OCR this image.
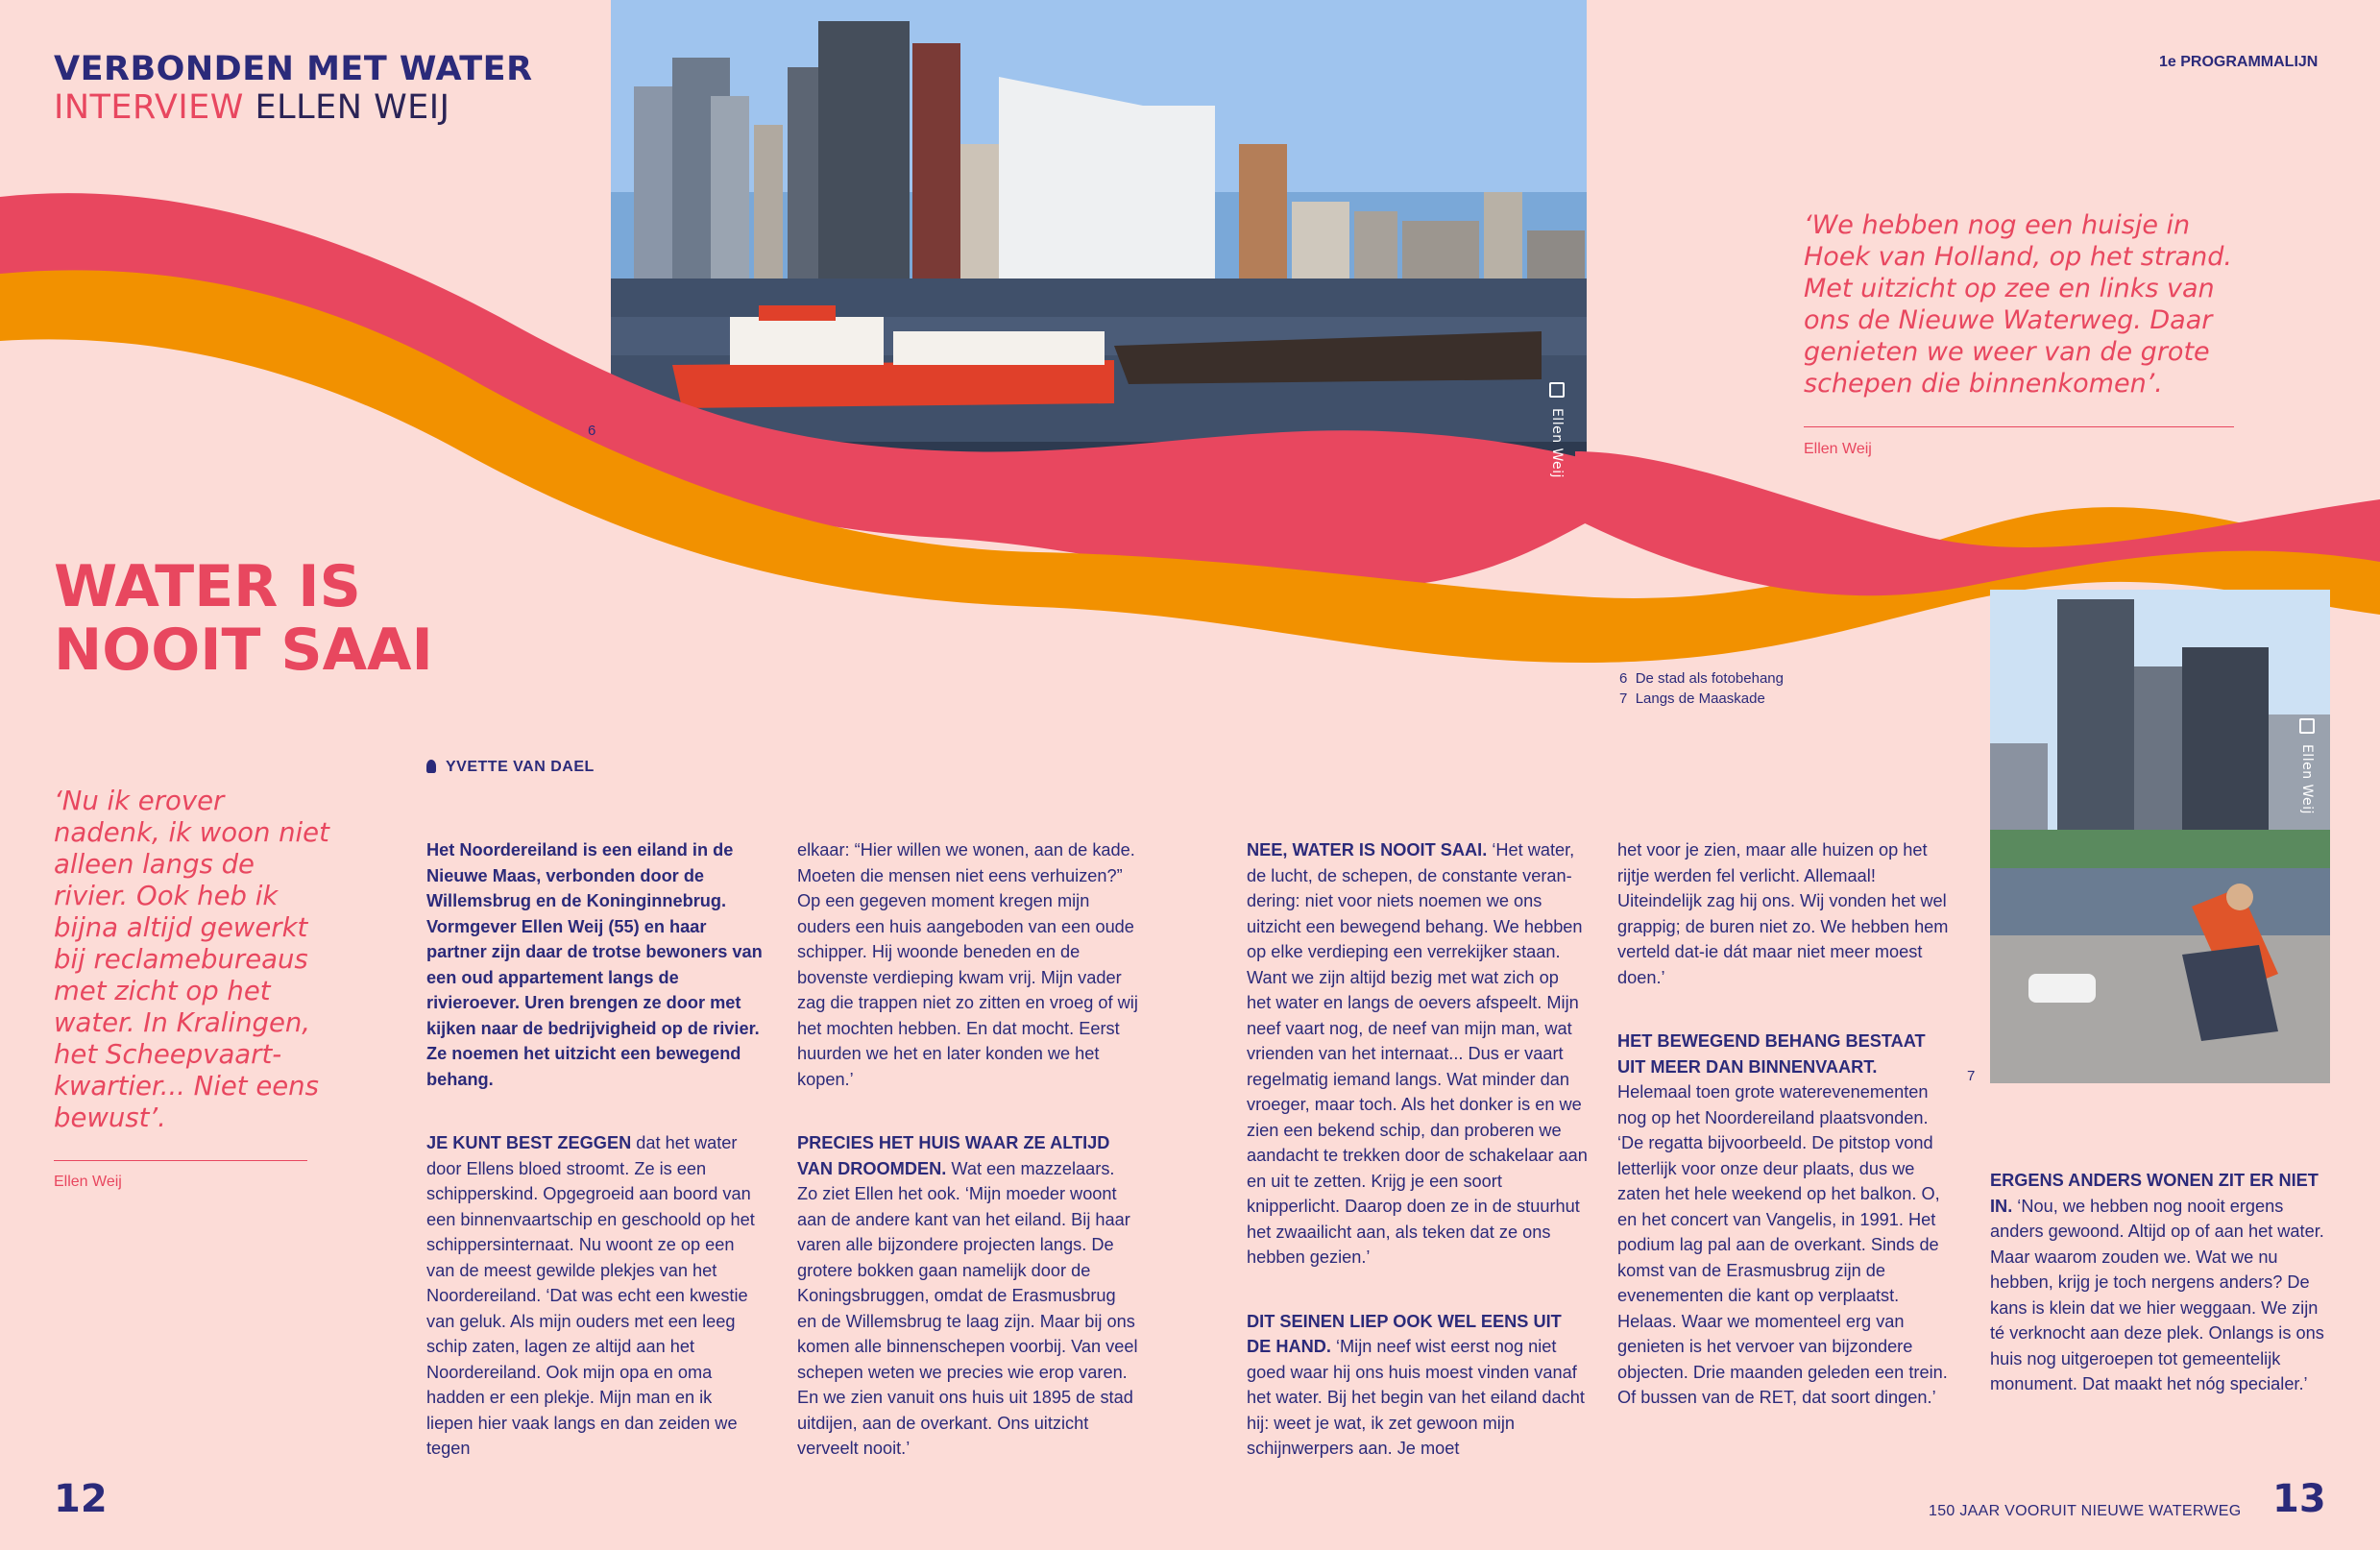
Ellen Weij
6
Ellen Weij
7
VERBONDEN MET WATER
INTERVIEW ELLEN WEIJ
1e PROGRAMMALIJN
WATER IS
NOOIT SAAI
‘We hebben nog een huisje in Hoek van Holland, op het strand. Met uitzicht op zee en links van ons de Nieuwe Waterweg. Daar genieten we weer van de grote schepen die binnenkomen’.
Ellen Weij
‘Nu ik erover nadenk, ik woon niet alleen langs de rivier. Ook heb ik bijna altijd gewerkt bij reclamebureaus met zicht op het water. In Kralingen, het Scheepvaart-kwartier... Niet eens bewust’.
Ellen Weij
6 De stad als fotobehang
7 Langs de Maaskade
YVETTE VAN DAEL

Het Noordereiland is een eiland in de Nieuwe Maas, verbonden door de Willemsbrug en de Koninginnebrug. Vormgever Ellen Weij (55) en haar partner zijn daar de trotse bewoners van een oud appartement langs de rivieroever. Uren brengen ze door met kijken naar de bedrijvigheid op de rivier. Ze noemen het uitzicht een bewegend behang.

JE KUNT BEST ZEGGEN dat het water door Ellens bloed stroomt. Ze is een schipperskind. Opgegroeid aan boord van een binnenvaartschip en geschoold op het schippersinternaat. Nu woont ze op een van de meest gewilde plekjes van het Noordereiland. ‘Dat was echt een kwestie van geluk. Als mijn ouders met een leeg schip zaten, lagen ze altijd aan het Noordereiland. Ook mijn opa en oma hadden er een plekje. Mijn man en ik liepen hier vaak langs en dan zeiden we tegen

elkaar: “Hier willen we wonen, aan de kade. Moeten die mensen niet eens verhuizen?” Op een gegeven moment kregen mijn ouders een huis aangeboden van een oude schipper. Hij woonde beneden en de bovenste verdieping kwam vrij. Mijn vader zag die trappen niet zo zitten en vroeg of wij het mochten hebben. En dat mocht. Eerst huurden we het en later konden we het kopen.’

PRECIES HET HUIS WAAR ZE ALTIJD VAN DROOMDEN. Wat een mazzelaars. Zo ziet Ellen het ook. ‘Mijn moeder woont aan de andere kant van het eiland. Bij haar varen alle bijzondere projecten langs. De grotere bokken gaan namelijk door de Koningsbruggen, omdat de Erasmusbrug en de Willemsbrug te laag zijn. Maar bij ons komen alle binnenschepen voorbij. Van veel schepen weten we precies wie erop varen. En we zien vanuit ons huis uit 1895 de stad uitdijen, aan de overkant. Ons uitzicht verveelt nooit.’

NEE, WATER IS NOOIT SAAI. ‘Het water, de lucht, de schepen, de constante veran-dering: niet voor niets noemen we ons uitzicht een bewegend behang. We hebben op elke verdieping een verrekijker staan. Want we zijn altijd bezig met wat zich op het water en langs de oevers afspeelt. Mijn neef vaart nog, de neef van mijn man, wat vrienden van het internaat... Dus er vaart regelmatig iemand langs. Wat minder dan vroeger, maar toch. Als het donker is en we zien een bekend schip, dan proberen we aandacht te trekken door de schakelaar aan en uit te zetten. Krijg je een soort knipperlicht. Daarop doen ze in de stuurhut het zwaailicht aan, als teken dat ze ons hebben gezien.’

DIT SEINEN LIEP OOK WEL EENS UIT DE HAND. ‘Mijn neef wist eerst nog niet goed waar hij ons huis moest vinden vanaf het water. Bij het begin van het eiland dacht hij: weet je wat, ik zet gewoon mijn schijnwerpers aan. Je moet

het voor je zien, maar alle huizen op het rijtje werden fel verlicht. Allemaal! Uiteindelijk zag hij ons. Wij vonden het wel grappig; de buren niet zo. We hebben hem verteld dat-ie dát maar niet meer moest doen.’

HET BEWEGEND BEHANG BESTAAT UIT MEER DAN BINNENVAART. Helemaal toen grote waterevenementen nog op het Noordereiland plaatsvonden. ‘De regatta bijvoorbeeld. De pitstop vond letterlijk voor onze deur plaats, dus we zaten het hele weekend op het balkon. O, en het concert van Vangelis, in 1991. Het podium lag pal aan de overkant. Sinds de komst van de Erasmusbrug zijn de evenementen die kant op verplaatst. Helaas. Waar we momenteel erg van genieten is het vervoer van bijzondere objecten. Drie maanden geleden een trein. Of bussen van de RET, dat soort dingen.’

ERGENS ANDERS WONEN ZIT ER NIET IN. ‘Nou, we hebben nog nooit ergens anders gewoond. Altijd op of aan het water. Maar waarom zouden we. Wat we nu hebben, krijg je toch nergens anders? De kans is klein dat we hier weggaan. We zijn té verknocht aan deze plek. Onlangs is ons huis nog uitgeroepen tot gemeentelijk monument. Dat maakt het nóg specialer.’

12	150 JAAR VOORUIT NIEUWE WATERWEG 13
